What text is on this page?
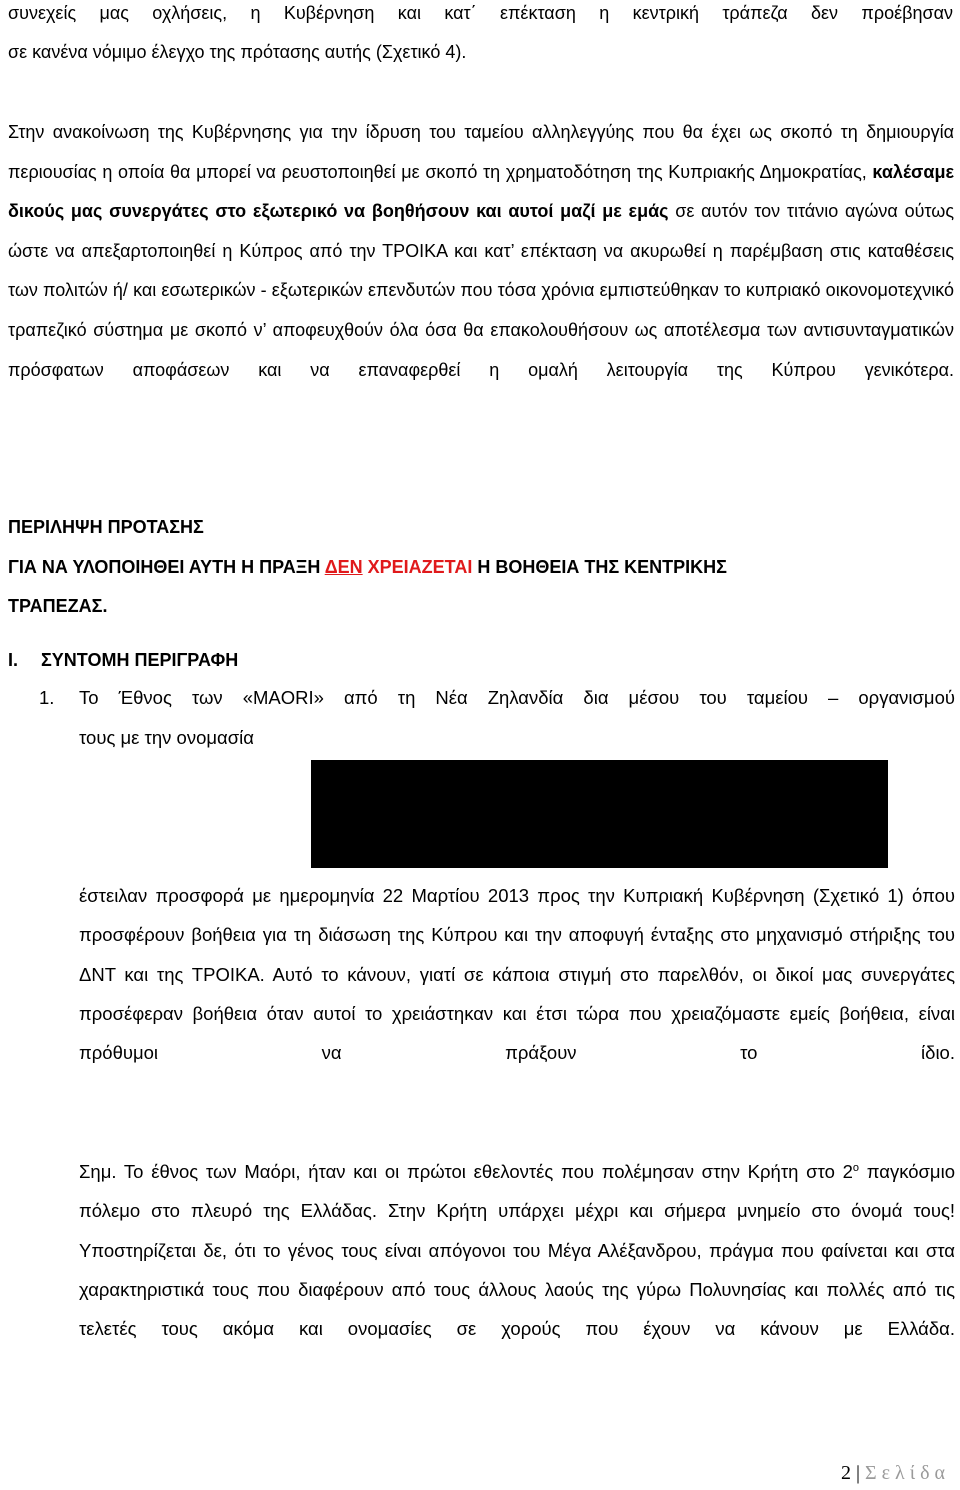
συνεχείς μας οχλήσεις, η Κυβέρνηση και κατ΄ επέκταση η κεντρική τράπεζα δεν προέβησαν
σε κανένα νόμιμο έλεγχο της πρότασης αυτής (Σχετικό 4).
Στην ανακοίνωση της Κυβέρνησης για την ίδρυση του ταμείου αλληλεγγύης που θα έχει ως σκοπό τη δημιουργία περιουσίας η οποία θα μπορεί να ρευστοποιηθεί με σκοπό τη χρηματοδότηση της Κυπριακής Δημοκρατίας, καλέσαμε δικούς μας συνεργάτες στο εξωτερικό να βοηθήσουν και αυτοί μαζί με εμάς σε αυτόν τον τιτάνιο αγώνα ούτως ώστε να απεξαρτοποιηθεί η Κύπρος από την ΤΡΟΙΚΑ και κατ’ επέκταση να ακυρωθεί η παρέμβαση στις καταθέσεις των πολιτών ή/ και εσωτερικών - εξωτερικών επενδυτών που τόσα χρόνια εμπιστεύθηκαν το κυπριακό οικονομοτεχνικό τραπεζικό σύστημα με σκοπό ν’ αποφευχθούν όλα όσα θα επακολουθήσουν ως αποτέλεσμα των αντισυνταγματικών πρόσφατων αποφάσεων και να επαναφερθεί η ομαλή λειτουργία της Κύπρου γενικότερα.
ΠΕΡΙΛΗΨΗ ΠΡΟΤΑΣΗΣ
ΓΙΑ ΝΑ ΥΛΟΠΟΙΗΘΕΙ ΑΥΤΗ Η ΠΡΑΞΗ ΔΕΝ ΧΡΕΙΑΖΕΤΑΙ Η ΒΟΗΘΕΙΑ ΤΗΣ ΚΕΝΤΡΙΚΗΣ
ΤΡΑΠΕΖΑΣ.
I. ΣΥΝΤΟΜΗ ΠΕΡΙΓΡΑΦΗ
1. Το Έθνος των «MAORI» από τη Νέα Ζηλανδία δια μέσου του ταμείου – οργανισμού
τους με την ονομασία
έστειλαν προσφορά με ημερομηνία 22 Μαρτίου 2013 προς την Κυπριακή Κυβέρνηση (Σχετικό 1) όπου προσφέρουν βοήθεια για τη διάσωση της Κύπρου και την αποφυγή ένταξης στο μηχανισμό στήριξης του ΔΝΤ και της ΤΡΟΙΚΑ. Αυτό το κάνουν, γιατί σε κάποια στιγμή στο παρελθόν, οι δικοί μας συνεργάτες προσέφεραν βοήθεια όταν αυτοί το χρειάστηκαν και έτσι τώρα που χρειαζόμαστε εμείς βοήθεια, είναι πρόθυμοι να πράξουν το ίδιο.
Σημ. Το έθνος των Μαόρι, ήταν και οι πρώτοι εθελοντές που πολέμησαν στην Κρήτη στο $2^o$ παγκόσμιο πόλεμο στο πλευρό της Ελλάδας. Στην Κρήτη υπάρχει μέχρι και σήμερα μνημείο στο όνομά τους! Υποστηρίζεται δε, ότι το γένος τους είναι απόγονοι του Μέγα Αλέξανδρου, πράγμα που φαίνεται και στα χαρακτηριστικά τους που διαφέρουν από τους άλλους λαούς της γύρω Πολυνησίας και πολλές από τις τελετές τους ακόμα και ονομασίες σε χορούς που έχουν να κάνουν με Ελλάδα.
2 | Σελίδα
